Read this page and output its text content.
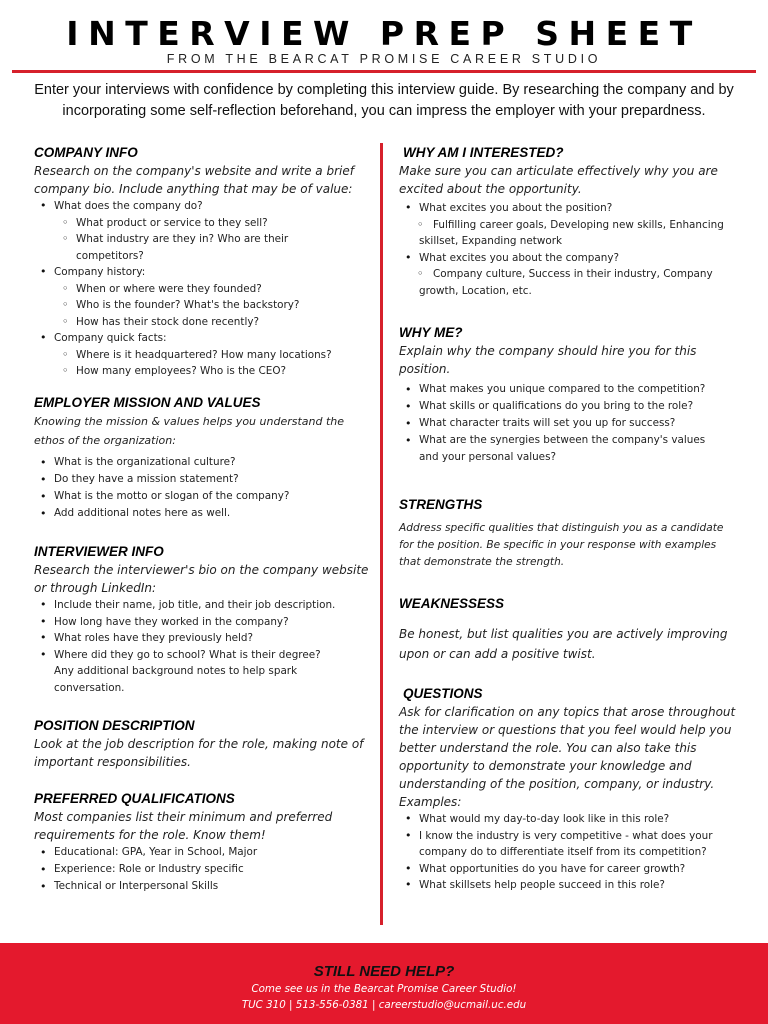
INTERVIEW PREP SHEET
FROM THE BEARCAT PROMISE CAREER STUDIO
Enter your interviews with confidence by completing this interview guide. By researching the company and by incorporating some self-reflection beforehand, you can impress the employer with your prepardness.
COMPANY INFO
Research on the company's website and write a brief company bio. Include anything that may be of value:
• What does the company do?
◦ What product or service to they sell?
◦ What industry are they in? Who are their
competitors?
• Company history:
◦ When or where were they founded?
◦ Who is the founder? What's the backstory?
◦ How has their stock done recently?
• Company quick facts:
◦ Where is it headquartered? How many locations?
◦ How many employees? Who is the CEO?
EMPLOYER MISSION AND VALUES
Knowing the mission & values helps you understand the ethos of the organization:
• What is the organizational culture?
• Do they have a mission statement?
• What is the motto or slogan of the company?
• Add additional notes here as well.
INTERVIEWER INFO
Research the interviewer's bio on the company website or through LinkedIn:
• Include their name, job title, and their job description.
• How long have they worked in the company?
• What roles have they previously held?
• Where did they go to school? What is their degree?
Any additional background notes to help spark
conversation.
POSITION DESCRIPTION
Look at the job description for the role, making note of important responsibilities.
PREFERRED QUALIFICATIONS
Most companies list their minimum and preferred requirements for the role. Know them!
• Educational: GPA, Year in School, Major
• Experience: Role or Industry specific
• Technical or Interpersonal Skills
WHY AM I INTERESTED?
Make sure you can articulate effectively why you are excited about the opportunity.
• What excites you about the position?
◦ Fulfilling career goals, Developing new skills, Enhancing
skillset, Expanding network
• What excites you about the company?
◦ Company culture, Success in their industry, Company
growth, Location, etc.
WHY ME?
Explain why the company should hire you for this position.
• What makes you unique compared to the competition?
• What skills or qualifications do you bring to the role?
• What character traits will set you up for success?
• What are the synergies between the company's values
and your personal values?
STRENGTHS
Address specific qualities that distinguish you as a candidate for the position. Be specific in your response with examples that demonstrate the strength.
WEAKNESSESS
Be honest, but list qualities you are actively improving upon or can add a positive twist.
QUESTIONS
Ask for clarification on any topics that arose throughout the interview or questions that you feel would help you better understand the role. You can also take this opportunity to demonstrate your knowledge and understanding of the position, company, or industry.
Examples:
• What would my day-to-day look like in this role?
• I know the industry is very competitive - what does your
company do to differentiate itself from its competition?
• What opportunities do you have for career growth?
• What skillsets help people succeed in this role?
STILL NEED HELP?
Come see us in the Bearcat Promise Career Studio!
TUC 310 | 513-556-0381 | careerstudio@ucmail.uc.edu
